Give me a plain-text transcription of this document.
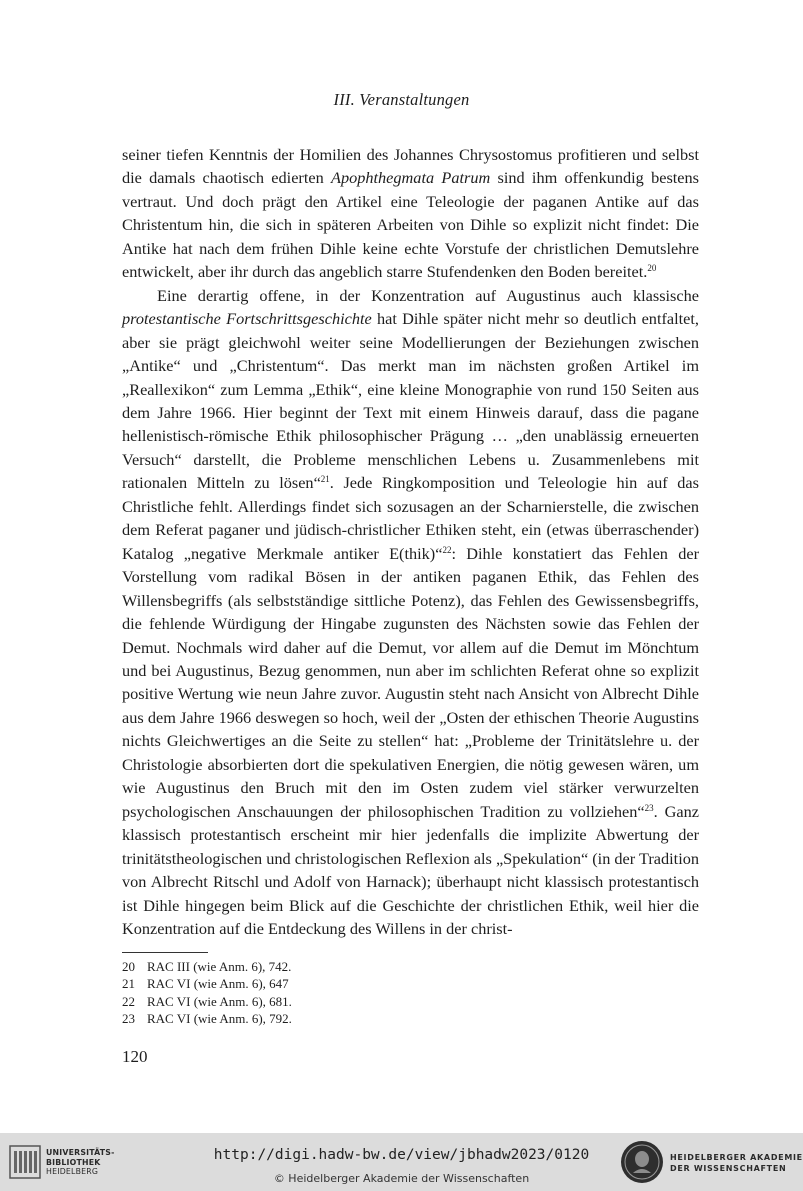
III. Veranstaltungen

seiner tiefen Kenntnis der Homilien des Johannes Chrysostomus profitieren und selbst die damals chaotisch edierten Apophthegmata Patrum sind ihm offenkundig bestens vertraut. Und doch prägt den Artikel eine Teleologie der paganen Antike auf das Christentum hin, die sich in späteren Arbeiten von Dihle so explizit nicht findet: Die Antike hat nach dem frühen Dihle keine echte Vorstufe der christlichen Demutslehre entwickelt, aber ihr durch das angeblich starre Stufendenken den Boden bereitet.$^{20}$

Eine derartig offene, in der Konzentration auf Augustinus auch klassische protestantische Fortschrittsgeschichte hat Dihle später nicht mehr so deutlich entfaltet, aber sie prägt gleichwohl weiter seine Modellierungen der Beziehungen zwischen „Antike“ und „Christentum“. Das merkt man im nächsten großen Artikel im „Reallexikon“ zum Lemma „Ethik“, eine kleine Monographie von rund 150 Seiten aus dem Jahre 1966. Hier beginnt der Text mit einem Hinweis darauf, dass die pagane hellenistisch-römische Ethik philosophischer Prägung … „den unablässig erneuerten Versuch“ darstellt, die Probleme menschlichen Lebens u. Zusammenlebens mit rationalen Mitteln zu lösen“$^{21}$. Jede Ringkomposition und Teleologie hin auf das Christliche fehlt. Allerdings findet sich sozusagen an der Scharnierstelle, die zwischen dem Referat paganer und jüdisch-christlicher Ethiken steht, ein (etwas überraschender) Katalog „negative Merkmale antiker E(thik)“$^{22}$: Dihle konstatiert das Fehlen der Vorstellung vom radikal Bösen in der antiken paganen Ethik, das Fehlen des Willensbegriffs (als selbstständige sittliche Potenz), das Fehlen des Gewissensbegriffs, die fehlende Würdigung der Hingabe zugunsten des Nächsten sowie das Fehlen der Demut. Nochmals wird daher auf die Demut, vor allem auf die Demut im Mönchtum und bei Augustinus, Bezug genommen, nun aber im schlichten Referat ohne so explizit positive Wertung wie neun Jahre zuvor. Augustin steht nach Ansicht von Albrecht Dihle aus dem Jahre 1966 deswegen so hoch, weil der „Osten der ethischen Theorie Augustins nichts Gleichwertiges an die Seite zu stellen“ hat: „Probleme der Trinitätslehre u. der Christologie absorbierten dort die spekulativen Energien, die nötig gewesen wären, um wie Augustinus den Bruch mit den im Osten zudem viel stärker verwurzelten psychologischen Anschauungen der philosophischen Tradition zu vollziehen“$^{23}$. Ganz klassisch protestantisch erscheint mir hier jedenfalls die implizite Abwertung der trinitätstheologischen und christologischen Reflexion als „Spekulation“ (in der Tradition von Albrecht Ritschl und Adolf von Harnack); überhaupt nicht klassisch protestantisch ist Dihle hingegen beim Blick auf die Geschichte der christlichen Ethik, weil hier die Konzentration auf die Entdeckung des Willens in der christ-

20 RAC III (wie Anm. 6), 742.
21 RAC VI (wie Anm. 6), 647
22 RAC VI (wie Anm. 6), 681.
23 RAC VI (wie Anm. 6), 792.
120
UNIVERSITÄTS-
BIBLIOTHEK
HEIDELBERG
http://digi.hadw-bw.de/view/jbhadw2023/0120
© Heidelberger Akademie der Wissenschaften
HEIDELBERGER AKADEMIE
DER WISSENSCHAFTEN
